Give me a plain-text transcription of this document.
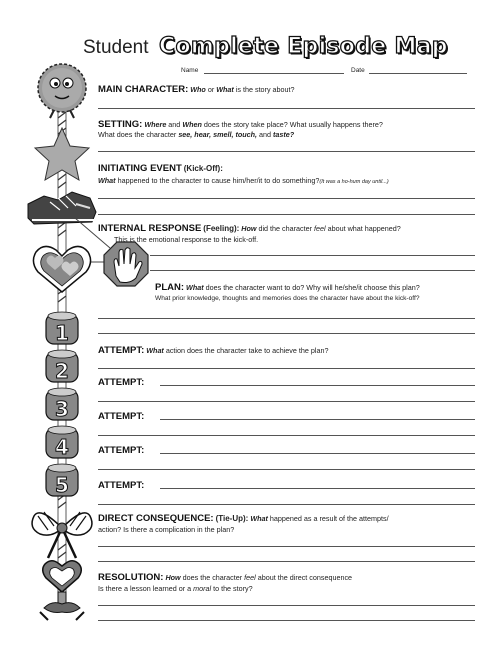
Student Complete Episode Map
Name	Date
1
2
3
4
5
MAIN CHARACTER: Who or What is the story about?
SETTING: Where and When does the story take place? What usually happens there?
What does the character see, hear, smell, touch, and taste?
INITIATING EVENT (Kick-Off):
What happened to the character to cause him/her/it to do something?(It was a ho-hum day until...)
INTERNAL RESPONSE (Feeling): How did the character feel about what happened?
This is the emotional response to the kick-off.
PLAN: What does the character want to do? Why will he/she/it choose this plan?
What prior knowledge, thoughts and memories does the character have about the kick-off?
ATTEMPT: What action does the character take to achieve the plan?
ATTEMPT:
ATTEMPT:
ATTEMPT:
ATTEMPT:
DIRECT CONSEQUENCE: (Tie-Up): What happened as a result of the attempts/
action? Is there a complication in the plan?
RESOLUTION: How does the character feel about the direct consequence
Is there a lesson learned or a moral to the story?
